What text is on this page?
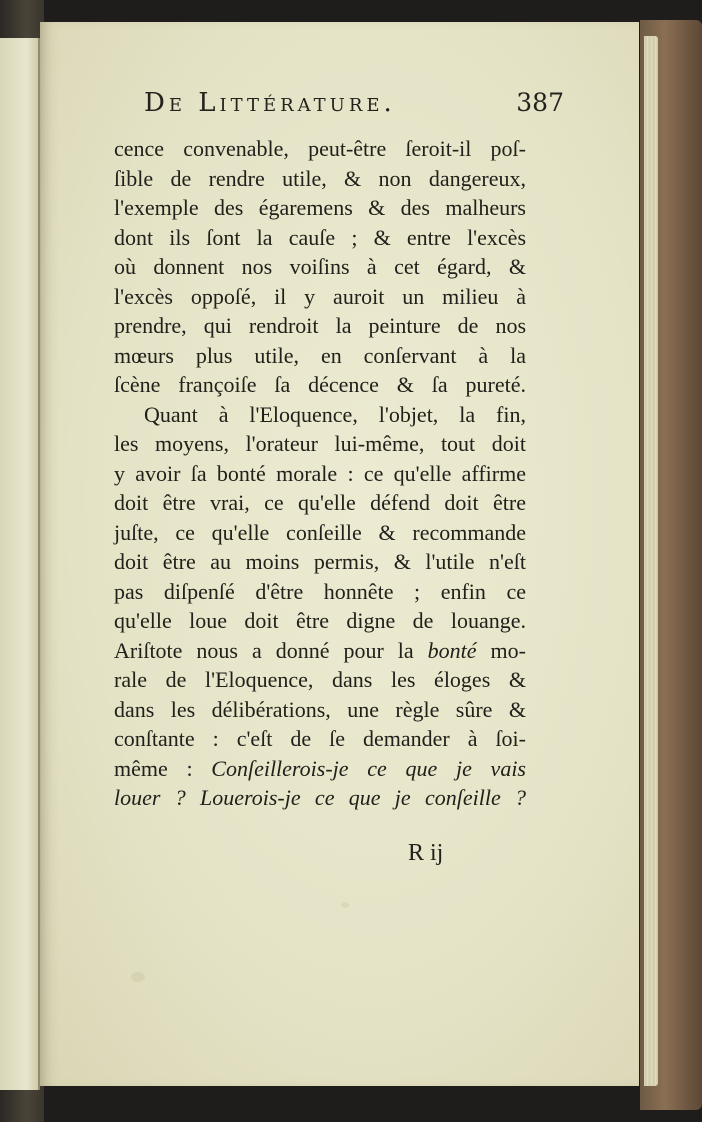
De Littérature.	387
cence convenable, peut-être ſeroit-il poſ-
ſible de rendre utile, & non dangereux,
l'exemple des égaremens & des malheurs
dont ils ſont la cauſe ; & entre l'excès
où donnent nos voiſins à cet égard, &
l'excès oppoſé, il y auroit un milieu à
prendre, qui rendroit la peinture de nos
mœurs plus utile, en conſervant à la
ſcène françoiſe ſa décence & ſa pureté.
Quant à l'Eloquence, l'objet, la fin,
les moyens, l'orateur lui-même, tout doit
y avoir ſa bonté morale : ce qu'elle affirme
doit être vrai, ce qu'elle défend doit être
juſte, ce qu'elle conſeille & recommande
doit être au moins permis, & l'utile n'eſt
pas diſpenſé d'être honnête ; enfin ce
qu'elle loue doit être digne de louange.
Ariſtote nous a donné pour la bonté mo-
rale de l'Eloquence, dans les éloges &
dans les délibérations, une règle sûre &
conſtante : c'eſt de ſe demander à ſoi-
même : Conſeillerois-je ce que je vais
louer ? Louerois-je ce que je conſeille ?
R ij
